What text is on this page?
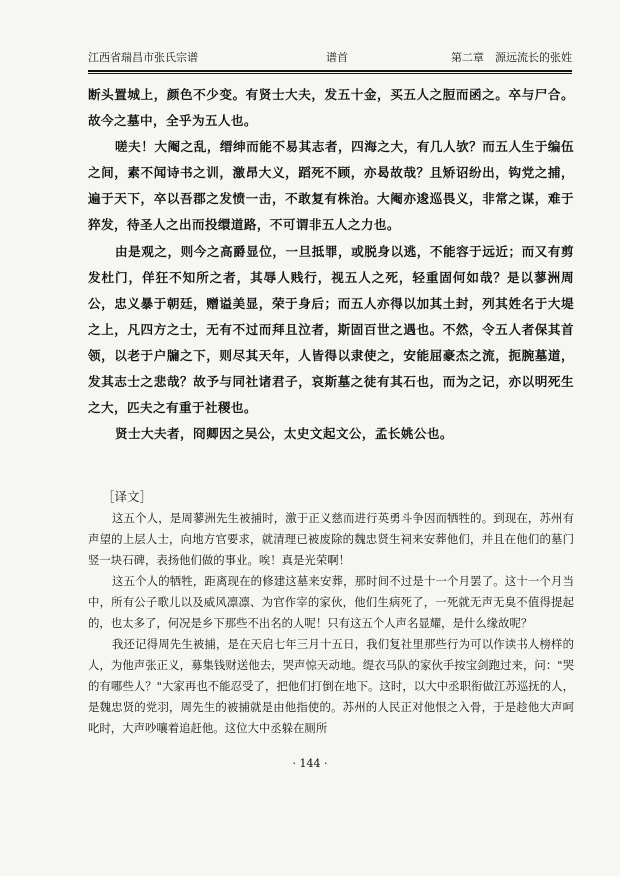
江西省瑞昌市张氏宗谱	谱首	第二章　源远流长的张姓

断头置城上，颜色不少变。有贤士大夫，发五十金，买五人之脰而函之。卒与尸合。故今之墓中，全乎为五人也。

嗟夫！大阉之乱，缙绅而能不易其志者，四海之大，有几人欤？而五人生于编伍之间，素不闻诗书之训，激昂大义，蹈死不顾，亦曷故哉？且矫诏纷出，钩党之捕，遍于天下，卒以吾郡之发愤一击，不敢复有株治。大阉亦逡巡畏义，非常之谋，难于猝发，待圣人之出而投缳道路，不可谓非五人之力也。

由是观之，则今之高爵显位，一旦抵罪，或脱身以逃，不能容于远近；而又有剪发杜门，佯狂不知所之者，其辱人贱行，视五人之死，轻重固何如哉？是以蓼洲周公，忠义暴于朝廷，赠谥美显，荣于身后；而五人亦得以加其土封，列其姓名于大堤之上，凡四方之士，无有不过而拜且泣者，斯固百世之遇也。不然，令五人者保其首领，以老于户牖之下，则尽其天年，人皆得以隶使之，安能屈豪杰之流，扼腕墓道，发其志士之悲哉？故予与同社诸君子，哀斯墓之徒有其石也，而为之记，亦以明死生之大，匹夫之有重于社稷也。

贤士大夫者，冏卿因之吴公，太史文起文公，孟长姚公也。

［译文］

这五个人，是周蓼洲先生被捕时，激于正义慈而进行英勇斗争因而牺牲的。到现在，苏州有声望的上层人士，向地方官要求，就清理已被废除的魏忠贤生祠来安葬他们，并且在他们的墓门竖一块石碑，表扬他们做的事业。唉！真是光荣啊！

这五个人的牺牲，距离现在的修建这墓来安葬，那时间不过是十一个月罢了。这十一个月当中，所有公子歌儿以及威风凛凛、为官作宰的家伙，他们生病死了，一死就无声无臭不值得提起的，也太多了，何况是乡下那些不出名的人呢！只有这五个人声名显耀，是什么缘故呢？

我还记得周先生被捕，是在天启七年三月十五日，我们复社里那些行为可以作读书人榜样的人，为他声张正义，募集钱财送他去，哭声惊天动地。缇衣马队的家伙手按宝剑跑过来，问："哭的有哪些人？"大家再也不能忍受了，把他们打倒在地下。这时，以大中丞职衔做江苏巡抚的人，是魏忠贤的党羽，周先生的被捕就是由他指使的。苏州的人民正对他恨之入骨，于是趁他大声呵叱时，大声吵嚷着追赶他。这位大中丞躲在厕所

· 144 ·
